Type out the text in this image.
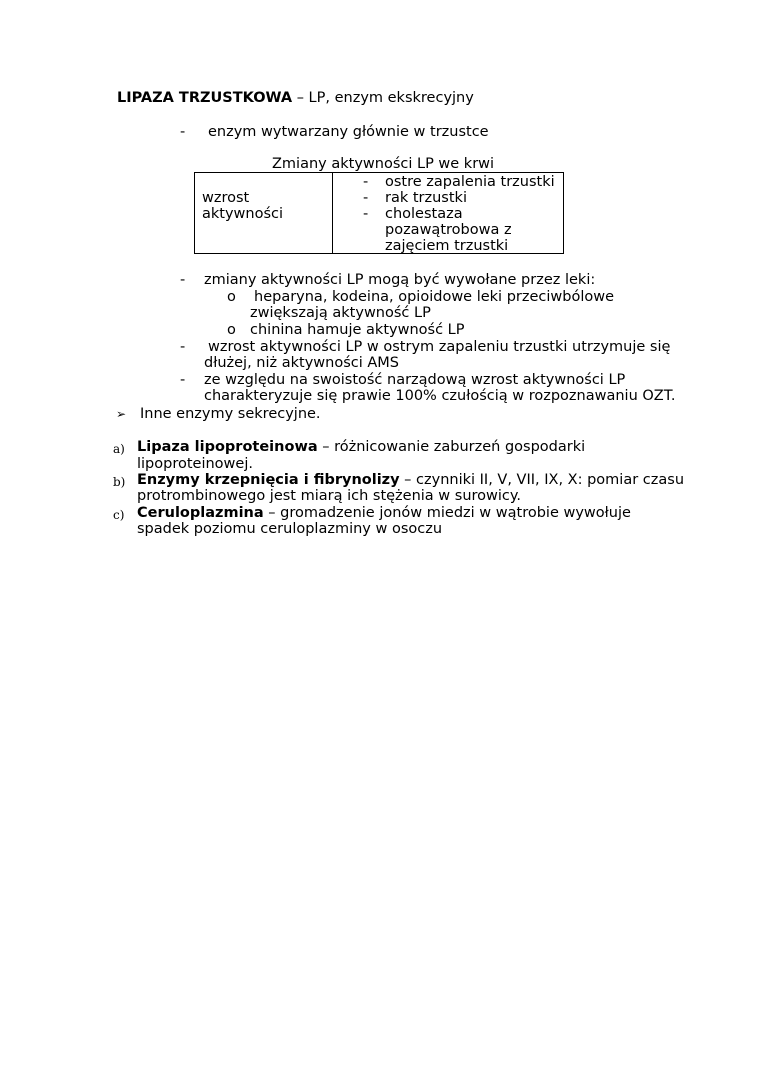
LIPAZA TRZUSTKOWA – LP, enzym ekskrecyjny
- enzym wytwarzany głównie w trzustce
Zmiany aktywności LP we krwi
wzrost
aktywności
- ostre zapalenia trzustki
- rak trzustki
- cholestaza
pozawątrobowa z
zajęciem trzustki
- zmiany aktywności LP mogą być wywołane przez leki:
o heparyna, kodeina, opioidowe leki przeciwbólowe
zwiększają aktywność LP
o chinina hamuje aktywność LP
- wzrost aktywności LP w ostrym zapaleniu trzustki utrzymuje się
dłużej, niż aktywności AMS
- ze względu na swoistość narządową wzrost aktywności LP
charakteryzuje się prawie 100% czułością w rozpoznawaniu OZT.
➢ Inne enzymy sekrecyjne.
a) Lipaza lipoproteinowa – różnicowanie zaburzeń gospodarki
lipoproteinowej.
b) Enzymy krzepnięcia i fibrynolizy – czynniki II, V, VII, IX, X: pomiar czasu
protrombinowego jest miarą ich stężenia w surowicy.
c) Ceruloplazmina – gromadzenie jonów miedzi w wątrobie wywołuje
spadek poziomu ceruloplazminy w osoczu
